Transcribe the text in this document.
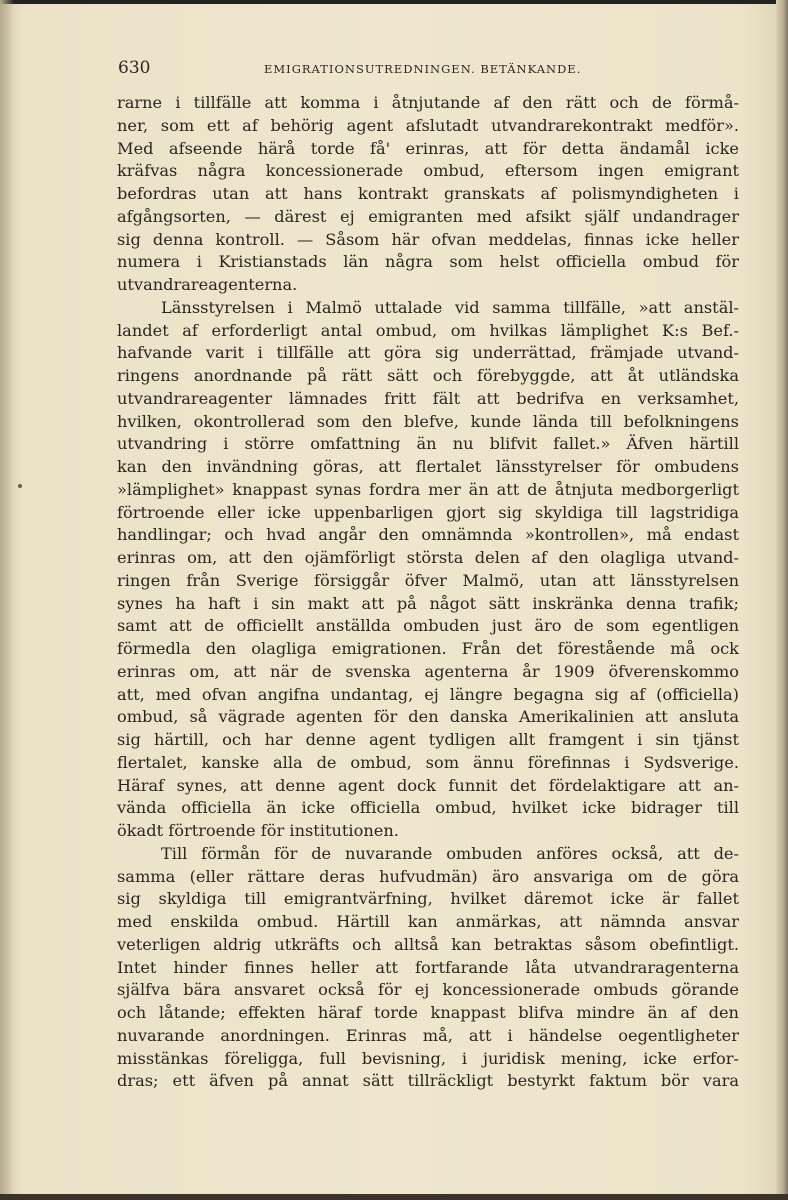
630	EMIGRATIONSUTREDNINGEN. BETÄNKANDE.
rarne i tillfälle att komma i åtnjutande af den rätt och de förmå-
ner, som ett af behörig agent afslutadt utvandrarekontrakt medför».
Med afseende härå torde få' erinras, att för detta ändamål icke
kräfvas några koncessionerade ombud, eftersom ingen emigrant
befordras utan att hans kontrakt granskats af polismyndigheten i
afgångsorten, — därest ej emigranten med afsikt själf undandrager
sig denna kontroll. — Såsom här ofvan meddelas, finnas icke heller
numera i Kristianstads län några som helst officiella ombud för
utvandrareagenterna.
Länsstyrelsen i Malmö uttalade vid samma tillfälle, »att anstäl-
landet af erforderligt antal ombud, om hvilkas lämplighet K:s Bef.-
hafvande varit i tillfälle att göra sig underrättad, främjade utvand-
ringens anordnande på rätt sätt och förebyggde, att åt utländska
utvandrareagenter lämnades fritt fält att bedrifva en verksamhet,
hvilken, okontrollerad som den blefve, kunde lända till befolkningens
utvandring i större omfattning än nu blifvit fallet.» Äfven härtill
kan den invändning göras, att flertalet länsstyrelser för ombudens
»lämplighet» knappast synas fordra mer än att de åtnjuta medborgerligt
förtroende eller icke uppenbarligen gjort sig skyldiga till lagstridiga
handlingar; och hvad angår den omnämnda »kontrollen», må endast
erinras om, att den ojämförligt största delen af den olagliga utvand-
ringen från Sverige försiggår öfver Malmö, utan att länsstyrelsen
synes ha haft i sin makt att på något sätt inskränka denna trafik;
samt att de officiellt anställda ombuden just äro de som egentligen
förmedla den olagliga emigrationen. Från det förestående må ock
erinras om, att när de svenska agenterna år 1909 öfverenskommo
att, med ofvan angifna undantag, ej längre begagna sig af (officiella)
ombud, så vägrade agenten för den danska Amerikalinien att ansluta
sig härtill, och har denne agent tydligen allt framgent i sin tjänst
flertalet, kanske alla de ombud, som ännu förefinnas i Sydsverige.
Häraf synes, att denne agent dock funnit det fördelaktigare att an-
vända officiella än icke officiella ombud, hvilket icke bidrager till
ökadt förtroende för institutionen.
Till förmån för de nuvarande ombuden anföres också, att de-
samma (eller rättare deras hufvudmän) äro ansvariga om de göra
sig skyldiga till emigrantvärfning, hvilket däremot icke är fallet
med enskilda ombud. Härtill kan anmärkas, att nämnda ansvar
veterligen aldrig utkräfts och alltså kan betraktas såsom obefintligt.
Intet hinder finnes heller att fortfarande låta utvandraragenterna
själfva bära ansvaret också för ej koncessionerade ombuds görande
och låtande; effekten häraf torde knappast blifva mindre än af den
nuvarande anordningen. Erinras må, att i händelse oegentligheter
misstänkas föreligga, full bevisning, i juridisk mening, icke erfor-
dras; ett äfven på annat sätt tillräckligt bestyrkt faktum bör vara
